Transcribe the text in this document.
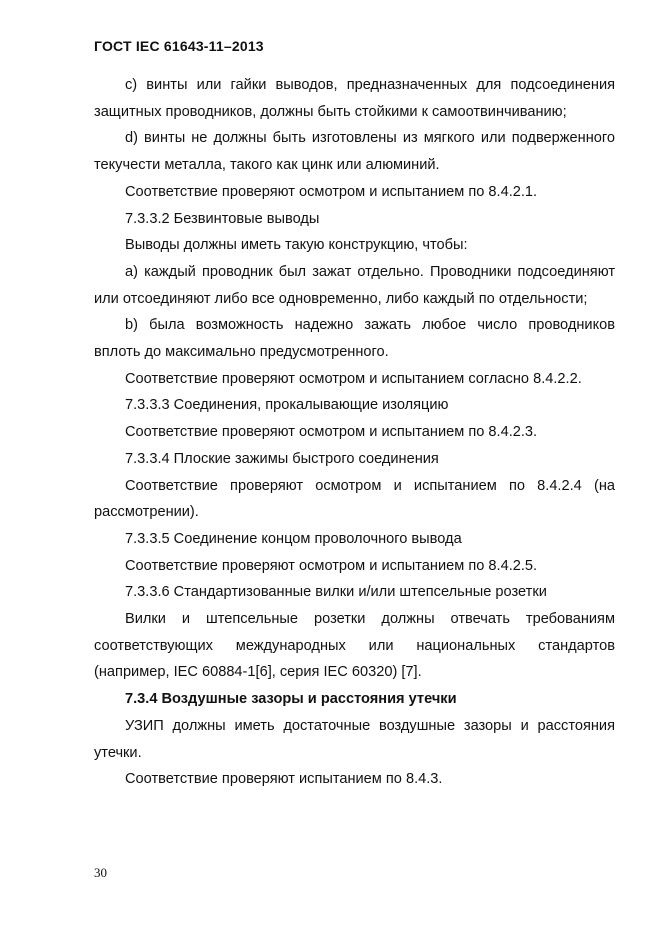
ГОСТ IEC 61643-11–2013

c) винты или гайки выводов, предназначенных для подсоединения защитных проводников, должны быть стойкими к самоотвинчиванию;

d) винты не должны быть изготовлены из мягкого или подверженного текучести металла, такого как цинк или алюминий.

Соответствие проверяют осмотром и испытанием по 8.4.2.1.

7.3.3.2 Безвинтовые выводы

Выводы должны иметь такую конструкцию, чтобы:

a) каждый проводник был зажат отдельно. Проводники подсоединяют или отсоединяют либо все одновременно, либо каждый по отдельности;

b) была возможность надежно зажать любое число проводников вплоть до максимально предусмотренного.

Соответствие проверяют осмотром и испытанием согласно 8.4.2.2.

7.3.3.3 Соединения, прокалывающие изоляцию

Соответствие проверяют осмотром и испытанием по 8.4.2.3.

7.3.3.4 Плоские зажимы быстрого соединения

Соответствие проверяют осмотром и испытанием по 8.4.2.4 (на рассмотрении).

7.3.3.5 Соединение концом проволочного вывода

Соответствие проверяют осмотром и испытанием по 8.4.2.5.

7.3.3.6 Стандартизованные вилки и/или штепсельные розетки

Вилки и штепсельные розетки должны отвечать требованиям соответствующих международных или национальных стандартов (например, IEC 60884-1[6], серия IEC 60320) [7].

7.3.4 Воздушные зазоры и расстояния утечки

УЗИП должны иметь достаточные воздушные зазоры и расстояния утечки.

Соответствие проверяют испытанием по 8.4.3.

30
